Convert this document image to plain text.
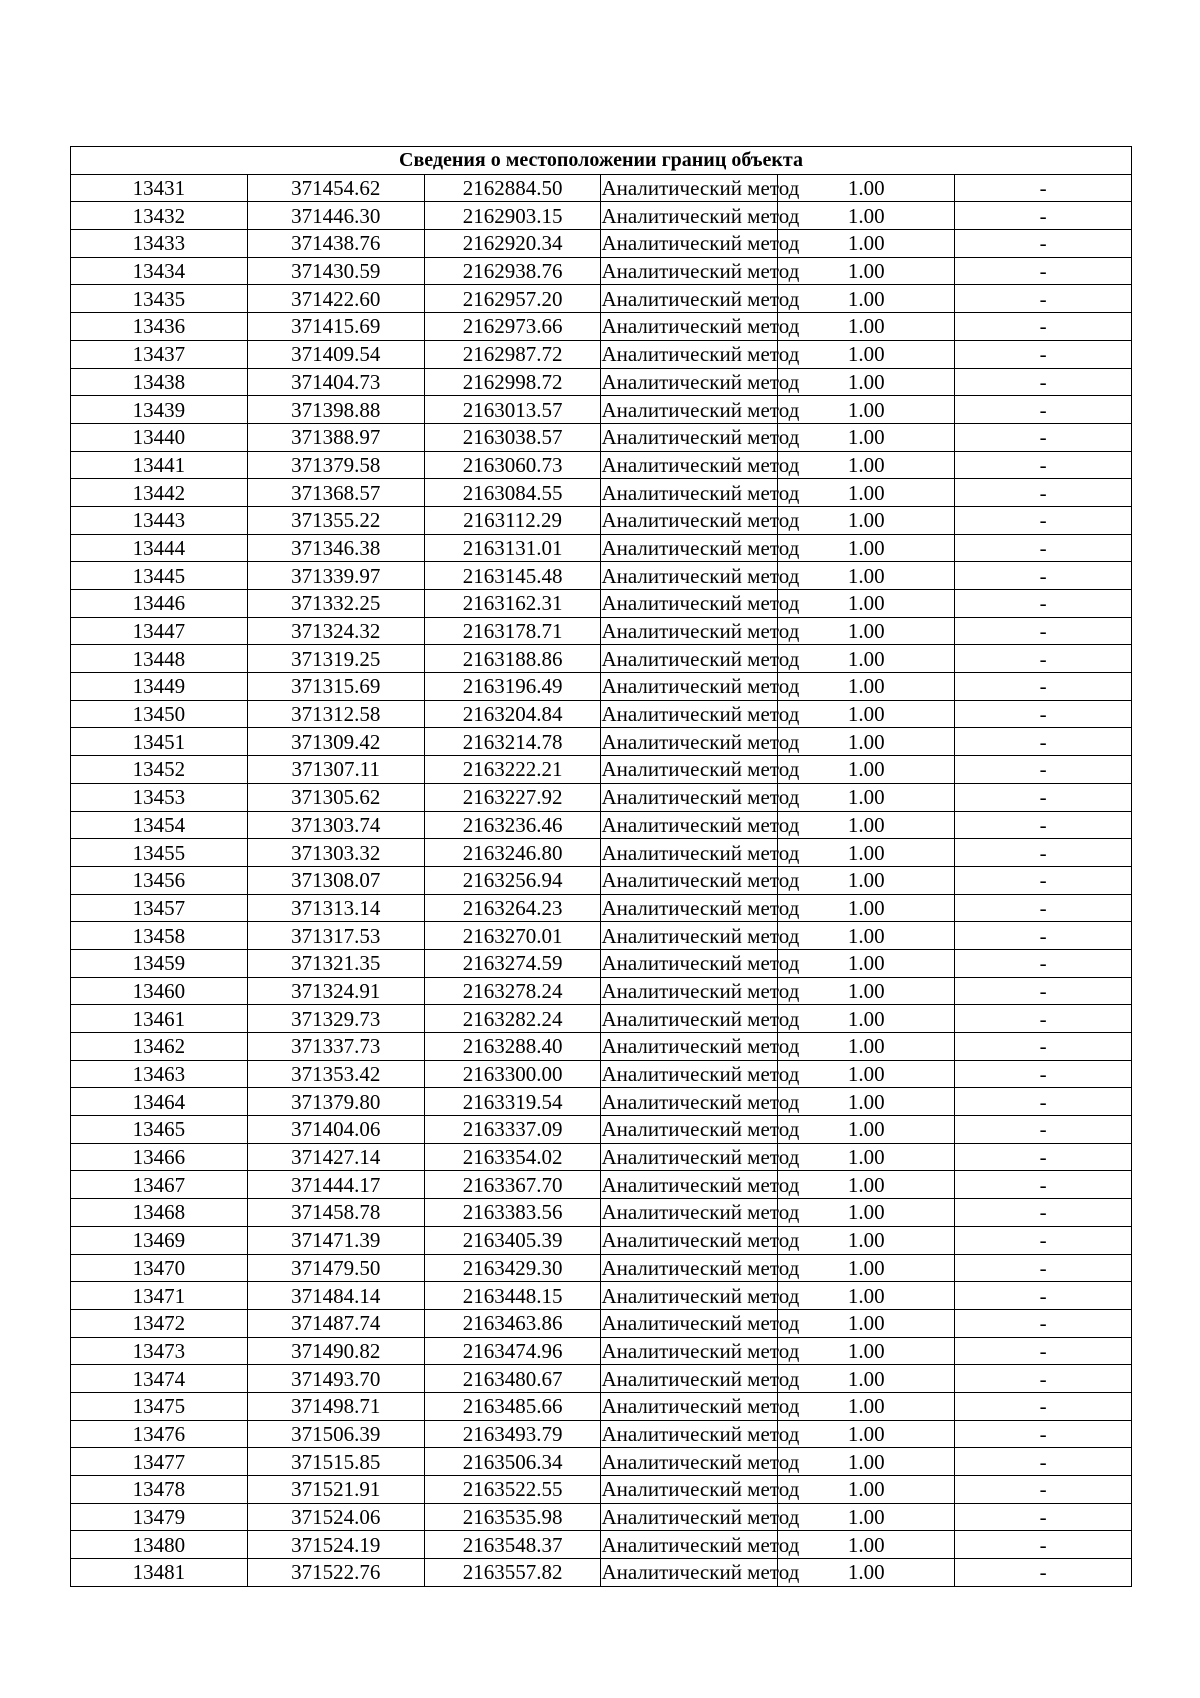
Сведения о местоположении границ объекта					
13431	371454.62	2162884.50	Аналитический метод	1.00	-
13432	371446.30	2162903.15	Аналитический метод	1.00	-
13433	371438.76	2162920.34	Аналитический метод	1.00	-
13434	371430.59	2162938.76	Аналитический метод	1.00	-
13435	371422.60	2162957.20	Аналитический метод	1.00	-
13436	371415.69	2162973.66	Аналитический метод	1.00	-
13437	371409.54	2162987.72	Аналитический метод	1.00	-
13438	371404.73	2162998.72	Аналитический метод	1.00	-
13439	371398.88	2163013.57	Аналитический метод	1.00	-
13440	371388.97	2163038.57	Аналитический метод	1.00	-
13441	371379.58	2163060.73	Аналитический метод	1.00	-
13442	371368.57	2163084.55	Аналитический метод	1.00	-
13443	371355.22	2163112.29	Аналитический метод	1.00	-
13444	371346.38	2163131.01	Аналитический метод	1.00	-
13445	371339.97	2163145.48	Аналитический метод	1.00	-
13446	371332.25	2163162.31	Аналитический метод	1.00	-
13447	371324.32	2163178.71	Аналитический метод	1.00	-
13448	371319.25	2163188.86	Аналитический метод	1.00	-
13449	371315.69	2163196.49	Аналитический метод	1.00	-
13450	371312.58	2163204.84	Аналитический метод	1.00	-
13451	371309.42	2163214.78	Аналитический метод	1.00	-
13452	371307.11	2163222.21	Аналитический метод	1.00	-
13453	371305.62	2163227.92	Аналитический метод	1.00	-
13454	371303.74	2163236.46	Аналитический метод	1.00	-
13455	371303.32	2163246.80	Аналитический метод	1.00	-
13456	371308.07	2163256.94	Аналитический метод	1.00	-
13457	371313.14	2163264.23	Аналитический метод	1.00	-
13458	371317.53	2163270.01	Аналитический метод	1.00	-
13459	371321.35	2163274.59	Аналитический метод	1.00	-
13460	371324.91	2163278.24	Аналитический метод	1.00	-
13461	371329.73	2163282.24	Аналитический метод	1.00	-
13462	371337.73	2163288.40	Аналитический метод	1.00	-
13463	371353.42	2163300.00	Аналитический метод	1.00	-
13464	371379.80	2163319.54	Аналитический метод	1.00	-
13465	371404.06	2163337.09	Аналитический метод	1.00	-
13466	371427.14	2163354.02	Аналитический метод	1.00	-
13467	371444.17	2163367.70	Аналитический метод	1.00	-
13468	371458.78	2163383.56	Аналитический метод	1.00	-
13469	371471.39	2163405.39	Аналитический метод	1.00	-
13470	371479.50	2163429.30	Аналитический метод	1.00	-
13471	371484.14	2163448.15	Аналитический метод	1.00	-
13472	371487.74	2163463.86	Аналитический метод	1.00	-
13473	371490.82	2163474.96	Аналитический метод	1.00	-
13474	371493.70	2163480.67	Аналитический метод	1.00	-
13475	371498.71	2163485.66	Аналитический метод	1.00	-
13476	371506.39	2163493.79	Аналитический метод	1.00	-
13477	371515.85	2163506.34	Аналитический метод	1.00	-
13478	371521.91	2163522.55	Аналитический метод	1.00	-
13479	371524.06	2163535.98	Аналитический метод	1.00	-
13480	371524.19	2163548.37	Аналитический метод	1.00	-
13481	371522.76	2163557.82	Аналитический метод	1.00	-
